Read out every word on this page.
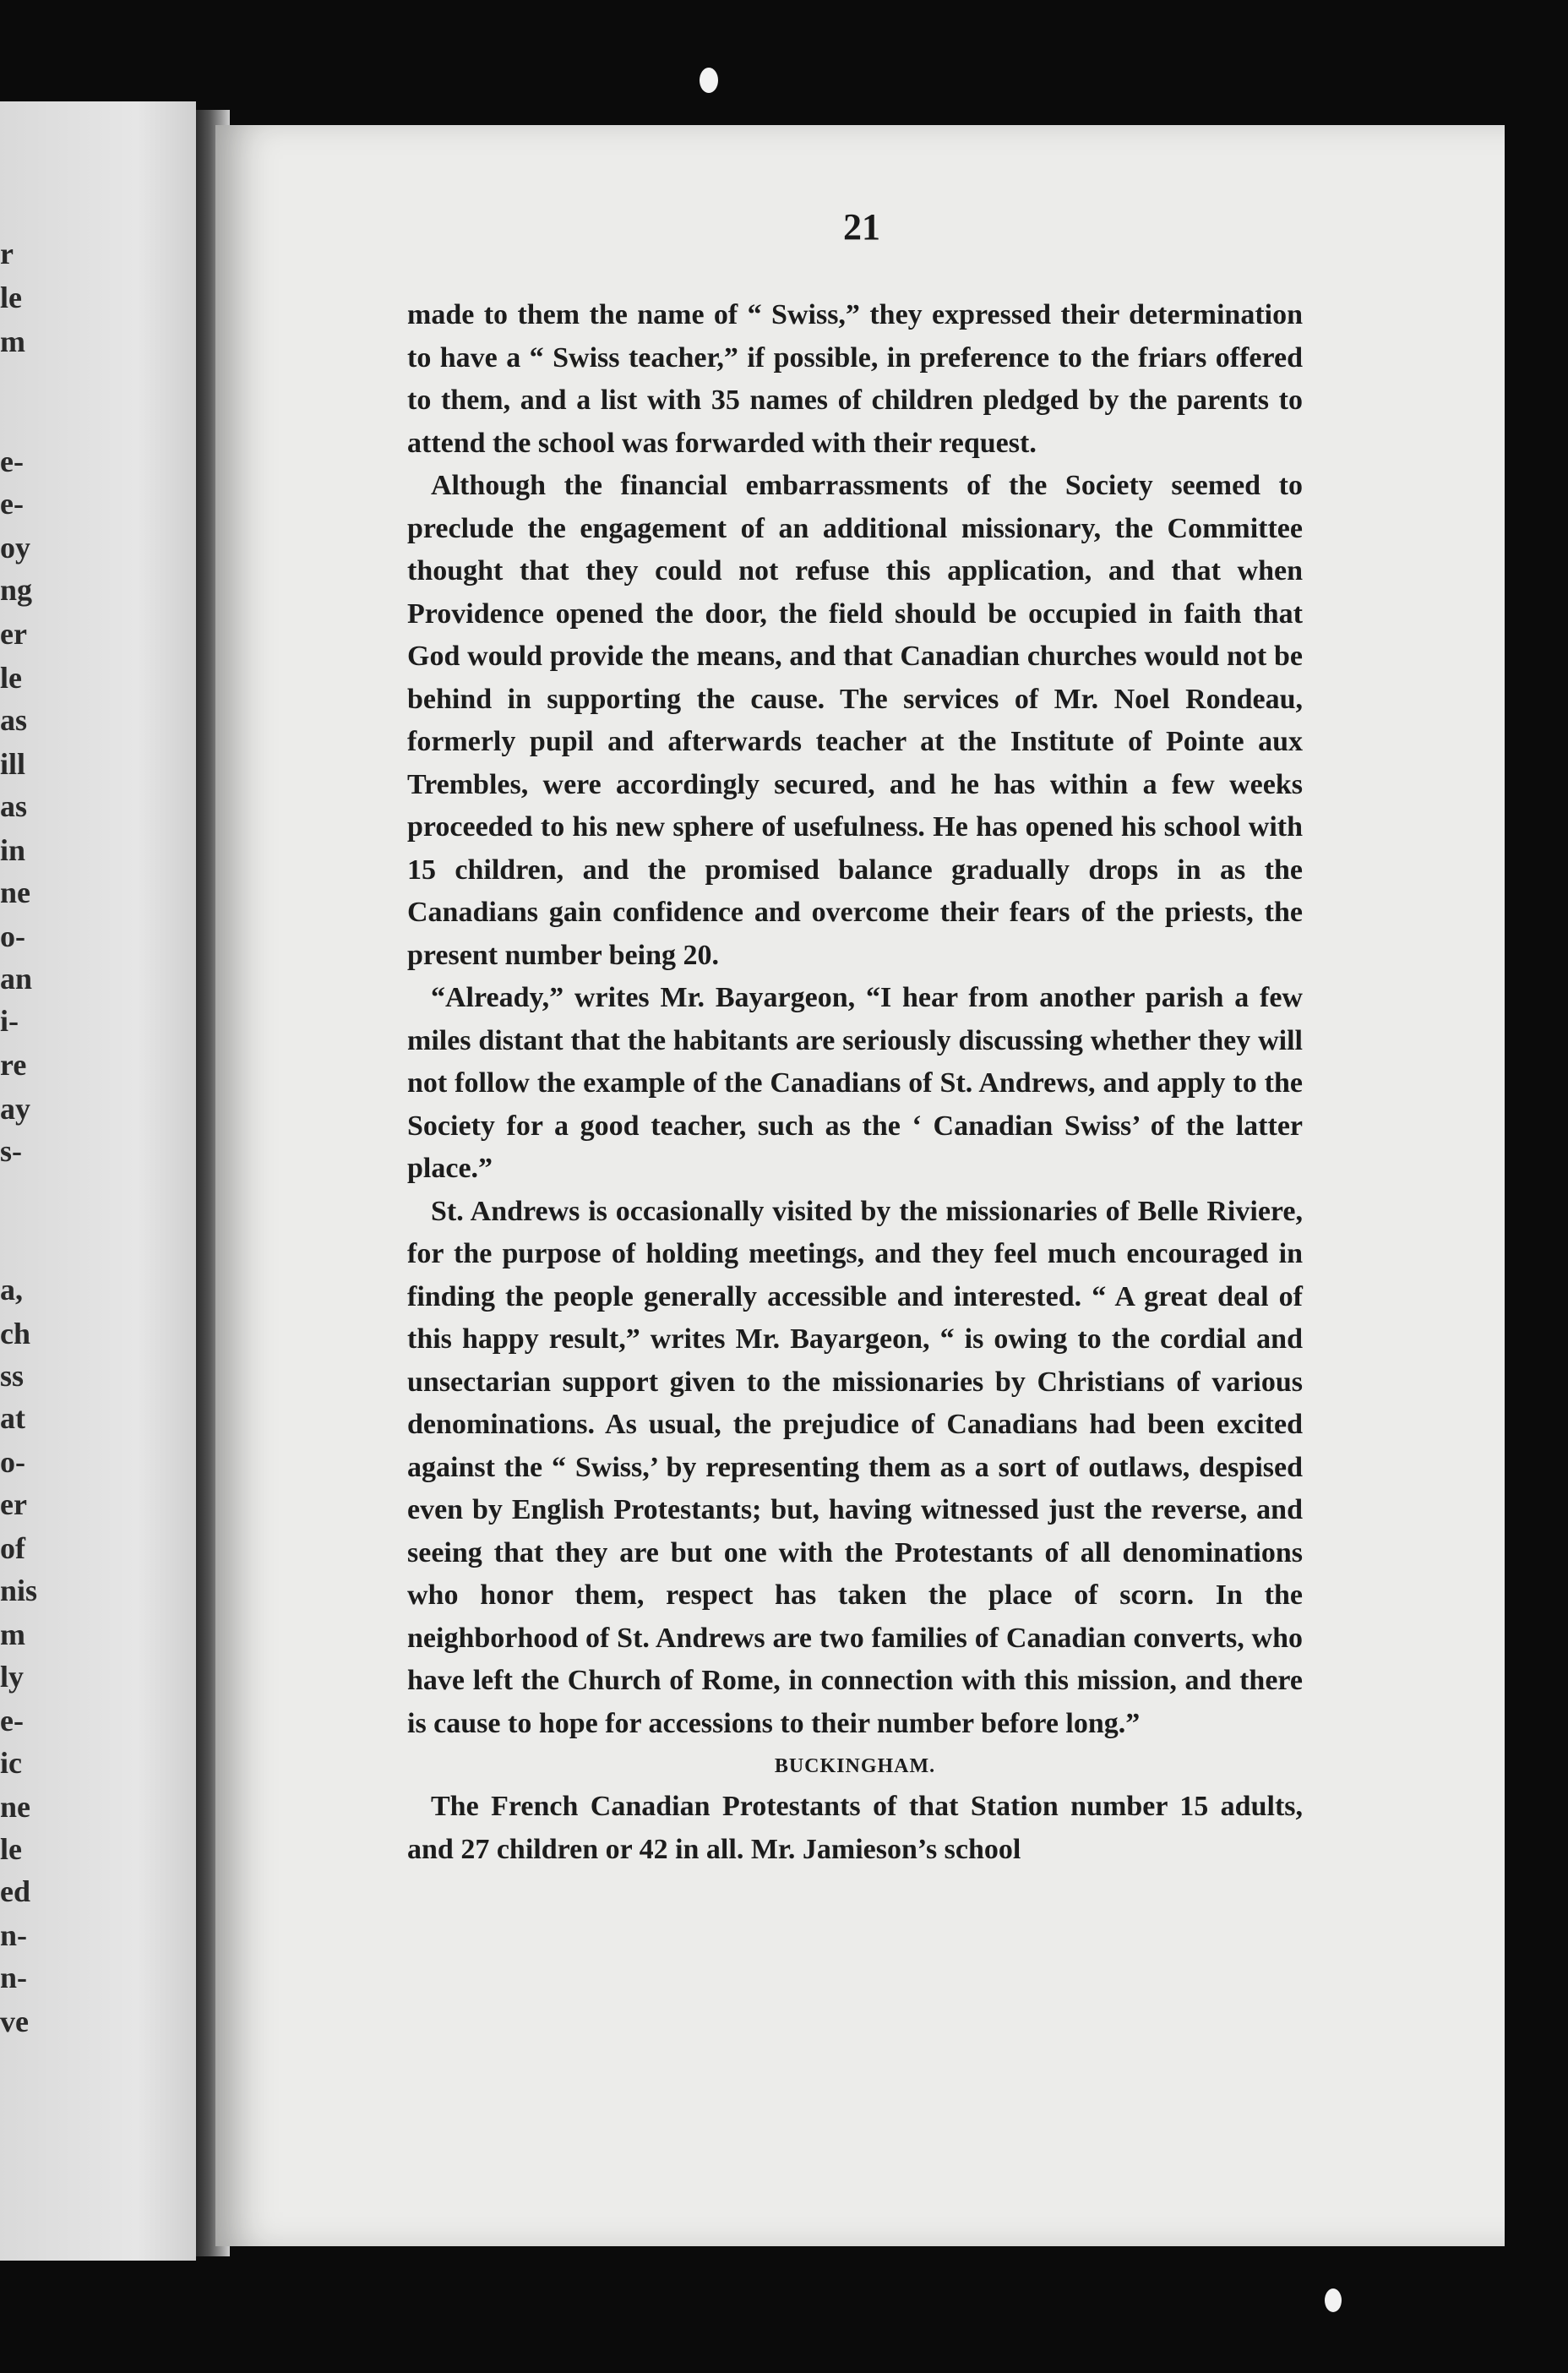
r
le
m
e-
e-
oy
ng
er
le
as
ill
as
in
ne
o-
an
i-
re
ay
s-
a,
ch
ss
at
o-
er
of
nis
m
ly
e-
ic
ne
le
ed
n-
n-
ve
21

made to them the name of “ Swiss,” they expressed their determination to have a “ Swiss teacher,” if possible, in preference to the friars offered to them, and a list with 35 names of children pledged by the parents to attend the school was forwarded with their request.

Although the financial embarrassments of the Society seemed to preclude the engagement of an additional missionary, the Committee thought that they could not refuse this application, and that when Providence opened the door, the field should be occupied in faith that God would provide the means, and that Canadian churches would not be behind in supporting the cause. The services of Mr. Noel Rondeau, formerly pupil and afterwards teacher at the Institute of Pointe aux Trembles, were accordingly secured, and he has within a few weeks proceeded to his new sphere of usefulness. He has opened his school with 15 children, and the promised balance gradually drops in as the Canadians gain confidence and overcome their fears of the priests, the present number being 20.

“Already,” writes Mr. Bayargeon, “I hear from another parish a few miles distant that the habitants are seriously discussing whether they will not follow the example of the Canadians of St. Andrews, and apply to the Society for a good teacher, such as the ‘ Canadian Swiss’ of the latter place.”

St. Andrews is occasionally visited by the missionaries of Belle Riviere, for the purpose of holding meetings, and they feel much encouraged in finding the people generally accessible and interested. “ A great deal of this happy result,” writes Mr. Bayargeon, “ is owing to the cordial and unsectarian support given to the missionaries by Christians of various denominations. As usual, the prejudice of Canadians had been excited against the “ Swiss,’ by representing them as a sort of outlaws, despised even by English Protestants; but, having witnessed just the reverse, and seeing that they are but one with the Protestants of all denominations who honor them, respect has taken the place of scorn. In the neighborhood of St. Andrews are two families of Canadian converts, who have left the Church of Rome, in connection with this mission, and there is cause to hope for accessions to their number before long.”

BUCKINGHAM.

The French Canadian Protestants of that Station number 15 adults, and 27 children or 42 in all. Mr. Jamieson’s school
